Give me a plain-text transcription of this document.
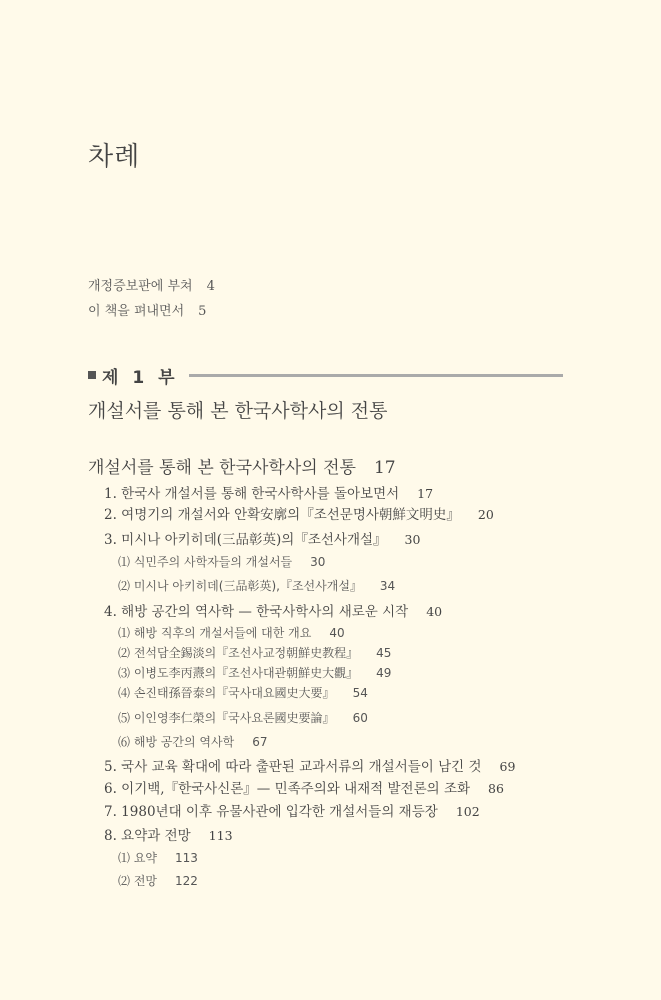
차례
개정증보판에 부쳐 4
이 책을 펴내면서 5
제 1 부
개설서를 통해 본 한국사학사의 전통
개설서를 통해 본 한국사학사의 전통 17
1. 한국사 개설서를 통해 한국사학사를 돌아보면서 17
2. 여명기의 개설서와 안확安廓의『조선문명사朝鮮文明史』 20
3. 미시나 아키히데(三品彰英)의『조선사개설』 30
⑴ 식민주의 사학자들의 개설서들 30
⑵ 미시나 아키히데(三品彰英),『조선사개설』 34
4. 해방 공간의 역사학 — 한국사학사의 새로운 시작 40
⑴ 해방 직후의 개설서들에 대한 개요 40
⑵ 전석담全錫淡의『조선사교정朝鮮史教程』 45
⑶ 이병도李丙燾의『조선사대관朝鮮史大觀』 49
⑷ 손진태孫晉泰의『국사대요國史大要』 54
⑸ 이인영李仁榮의『국사요론國史要論』 60
⑹ 해방 공간의 역사학 67
5. 국사 교육 확대에 따라 출판된 교과서류의 개설서들이 남긴 것 69
6. 이기백,『한국사신론』— 민족주의와 내재적 발전론의 조화 86
7. 1980년대 이후 유물사관에 입각한 개설서들의 재등장 102
8. 요약과 전망 113
⑴ 요약 113
⑵ 전망 122
